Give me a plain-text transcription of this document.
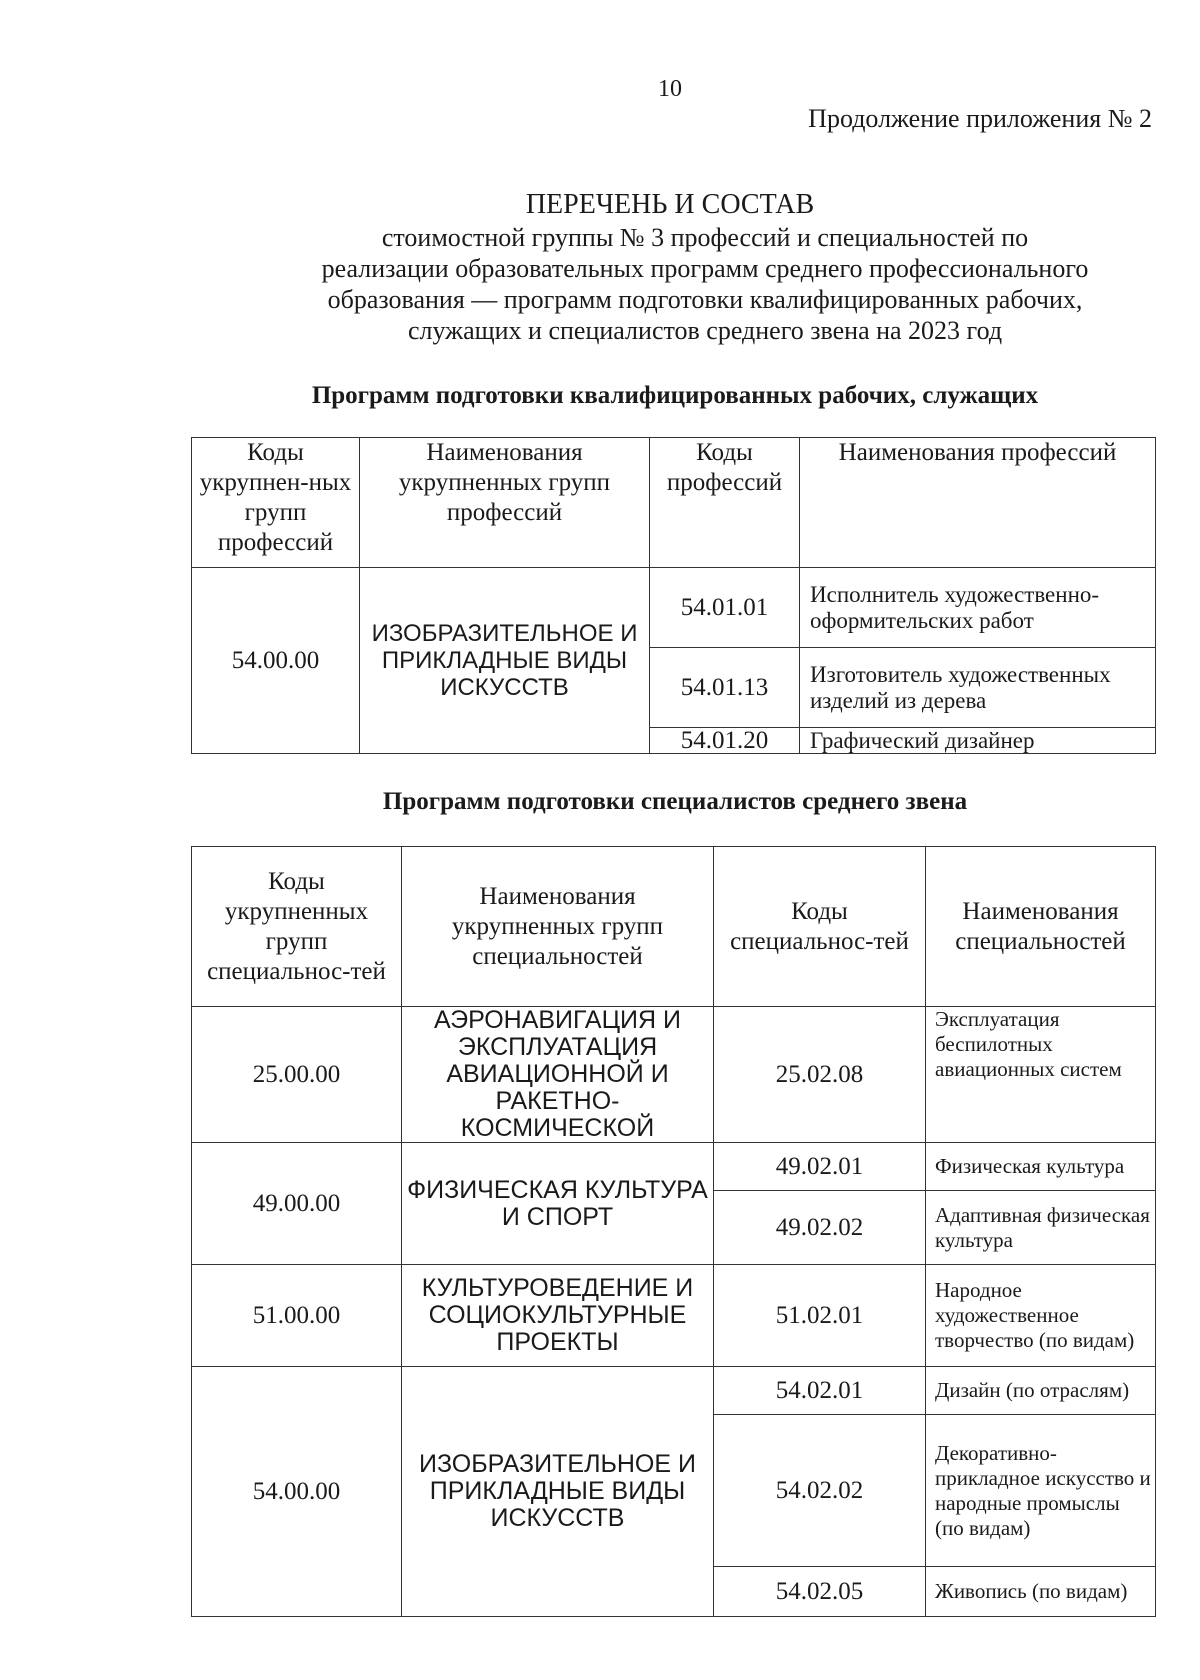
10
Продолжение приложения № 2
ПЕРЕЧЕНЬ И СОСТАВ
стоимостной группы № 3 профессий и специальностей по
реализации образовательных программ среднего профессионального
образования — программ подготовки квалифицированных рабочих,
служащих и специалистов среднего звена на 2023 год
Программ подготовки квалифицированных рабочих, служащих
Коды укрупнен-ных групп профессий	Наименования укрупненных групп профессий	Коды профессий	Наименования профессий
54.00.00	ИЗОБРАЗИТЕЛЬНОЕ И ПРИКЛАДНЫЕ ВИДЫ ИСКУССТВ	54.01.01	Исполнитель художественно-оформительских работ
		54.01.13	Изготовитель художественных изделий из дерева
		54.01.20	Графический дизайнер
Программ подготовки специалистов среднего звена
Коды укрупненных групп специальнос-тей	Наименования укрупненных групп специальностей	Коды специальнос-тей	Наименования специальностей
25.00.00	АЭРОНАВИГАЦИЯ И ЭКСПЛУАТАЦИЯ АВИАЦИОННОЙ И РАКЕТНО-КОСМИЧЕСКОЙ	25.02.08	Эксплуатация беспилотных авиационных систем
49.00.00	ФИЗИЧЕСКАЯ КУЛЬТУРА И СПОРТ	49.02.01	Физическая культура
		49.02.02	Адаптивная физическая культура
51.00.00	КУЛЬТУРОВЕДЕНИЕ И СОЦИОКУЛЬТУРНЫЕ ПРОЕКТЫ	51.02.01	Народное художественное творчество (по видам)
54.00.00	ИЗОБРАЗИТЕЛЬНОЕ И ПРИКЛАДНЫЕ ВИДЫ ИСКУССТВ	54.02.01	Дизайн (по отраслям)
		54.02.02	Декоративно-прикладное искусство и народные промыслы (по видам)
		54.02.05	Живопись (по видам)
